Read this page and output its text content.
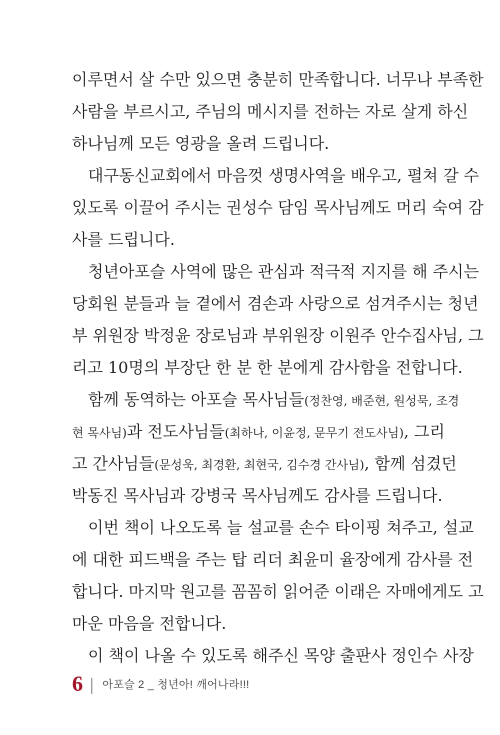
이루면서 살 수만 있으면 충분히 만족합니다. 너무나 부족한
사람을 부르시고, 주님의 메시지를 전하는 자로 살게 하신
하나님께 모든 영광을 올려 드립니다.
대구동신교회에서 마음껏 생명사역을 배우고, 펼쳐 갈 수
있도록 이끌어 주시는 권성수 담임 목사님께도 머리 숙여 감
사를 드립니다.
청년아포슬 사역에 많은 관심과 적극적 지지를 해 주시는
당회원 분들과 늘 곁에서 겸손과 사랑으로 섬겨주시는 청년
부 위원장 박정윤 장로님과 부위원장 이원주 안수집사님, 그
리고 10명의 부장단 한 분 한 분에게 감사함을 전합니다.
함께 동역하는 아포슬 목사님들(정찬영, 배준현, 원성묵, 조경
현 목사님)과 전도사님들(최하나, 이윤정, 문무기 전도사님), 그리
고 간사님들(문성욱, 최경환, 최현국, 김수경 간사님), 함께 섬겼던
박동진 목사님과 강병국 목사님께도 감사를 드립니다.
이번 책이 나오도록 늘 설교를 손수 타이핑 쳐주고, 설교
에 대한 피드백을 주는 탑 리더 최윤미 율장에게 감사를 전
합니다. 마지막 원고를 꼼꼼히 읽어준 이래은 자매에게도 고
마운 마음을 전합니다.
이 책이 나올 수 있도록 해주신 목양 출판사 정인수 사장
6 | 아포슬 2 _ 청년아! 깨어나라!!!
